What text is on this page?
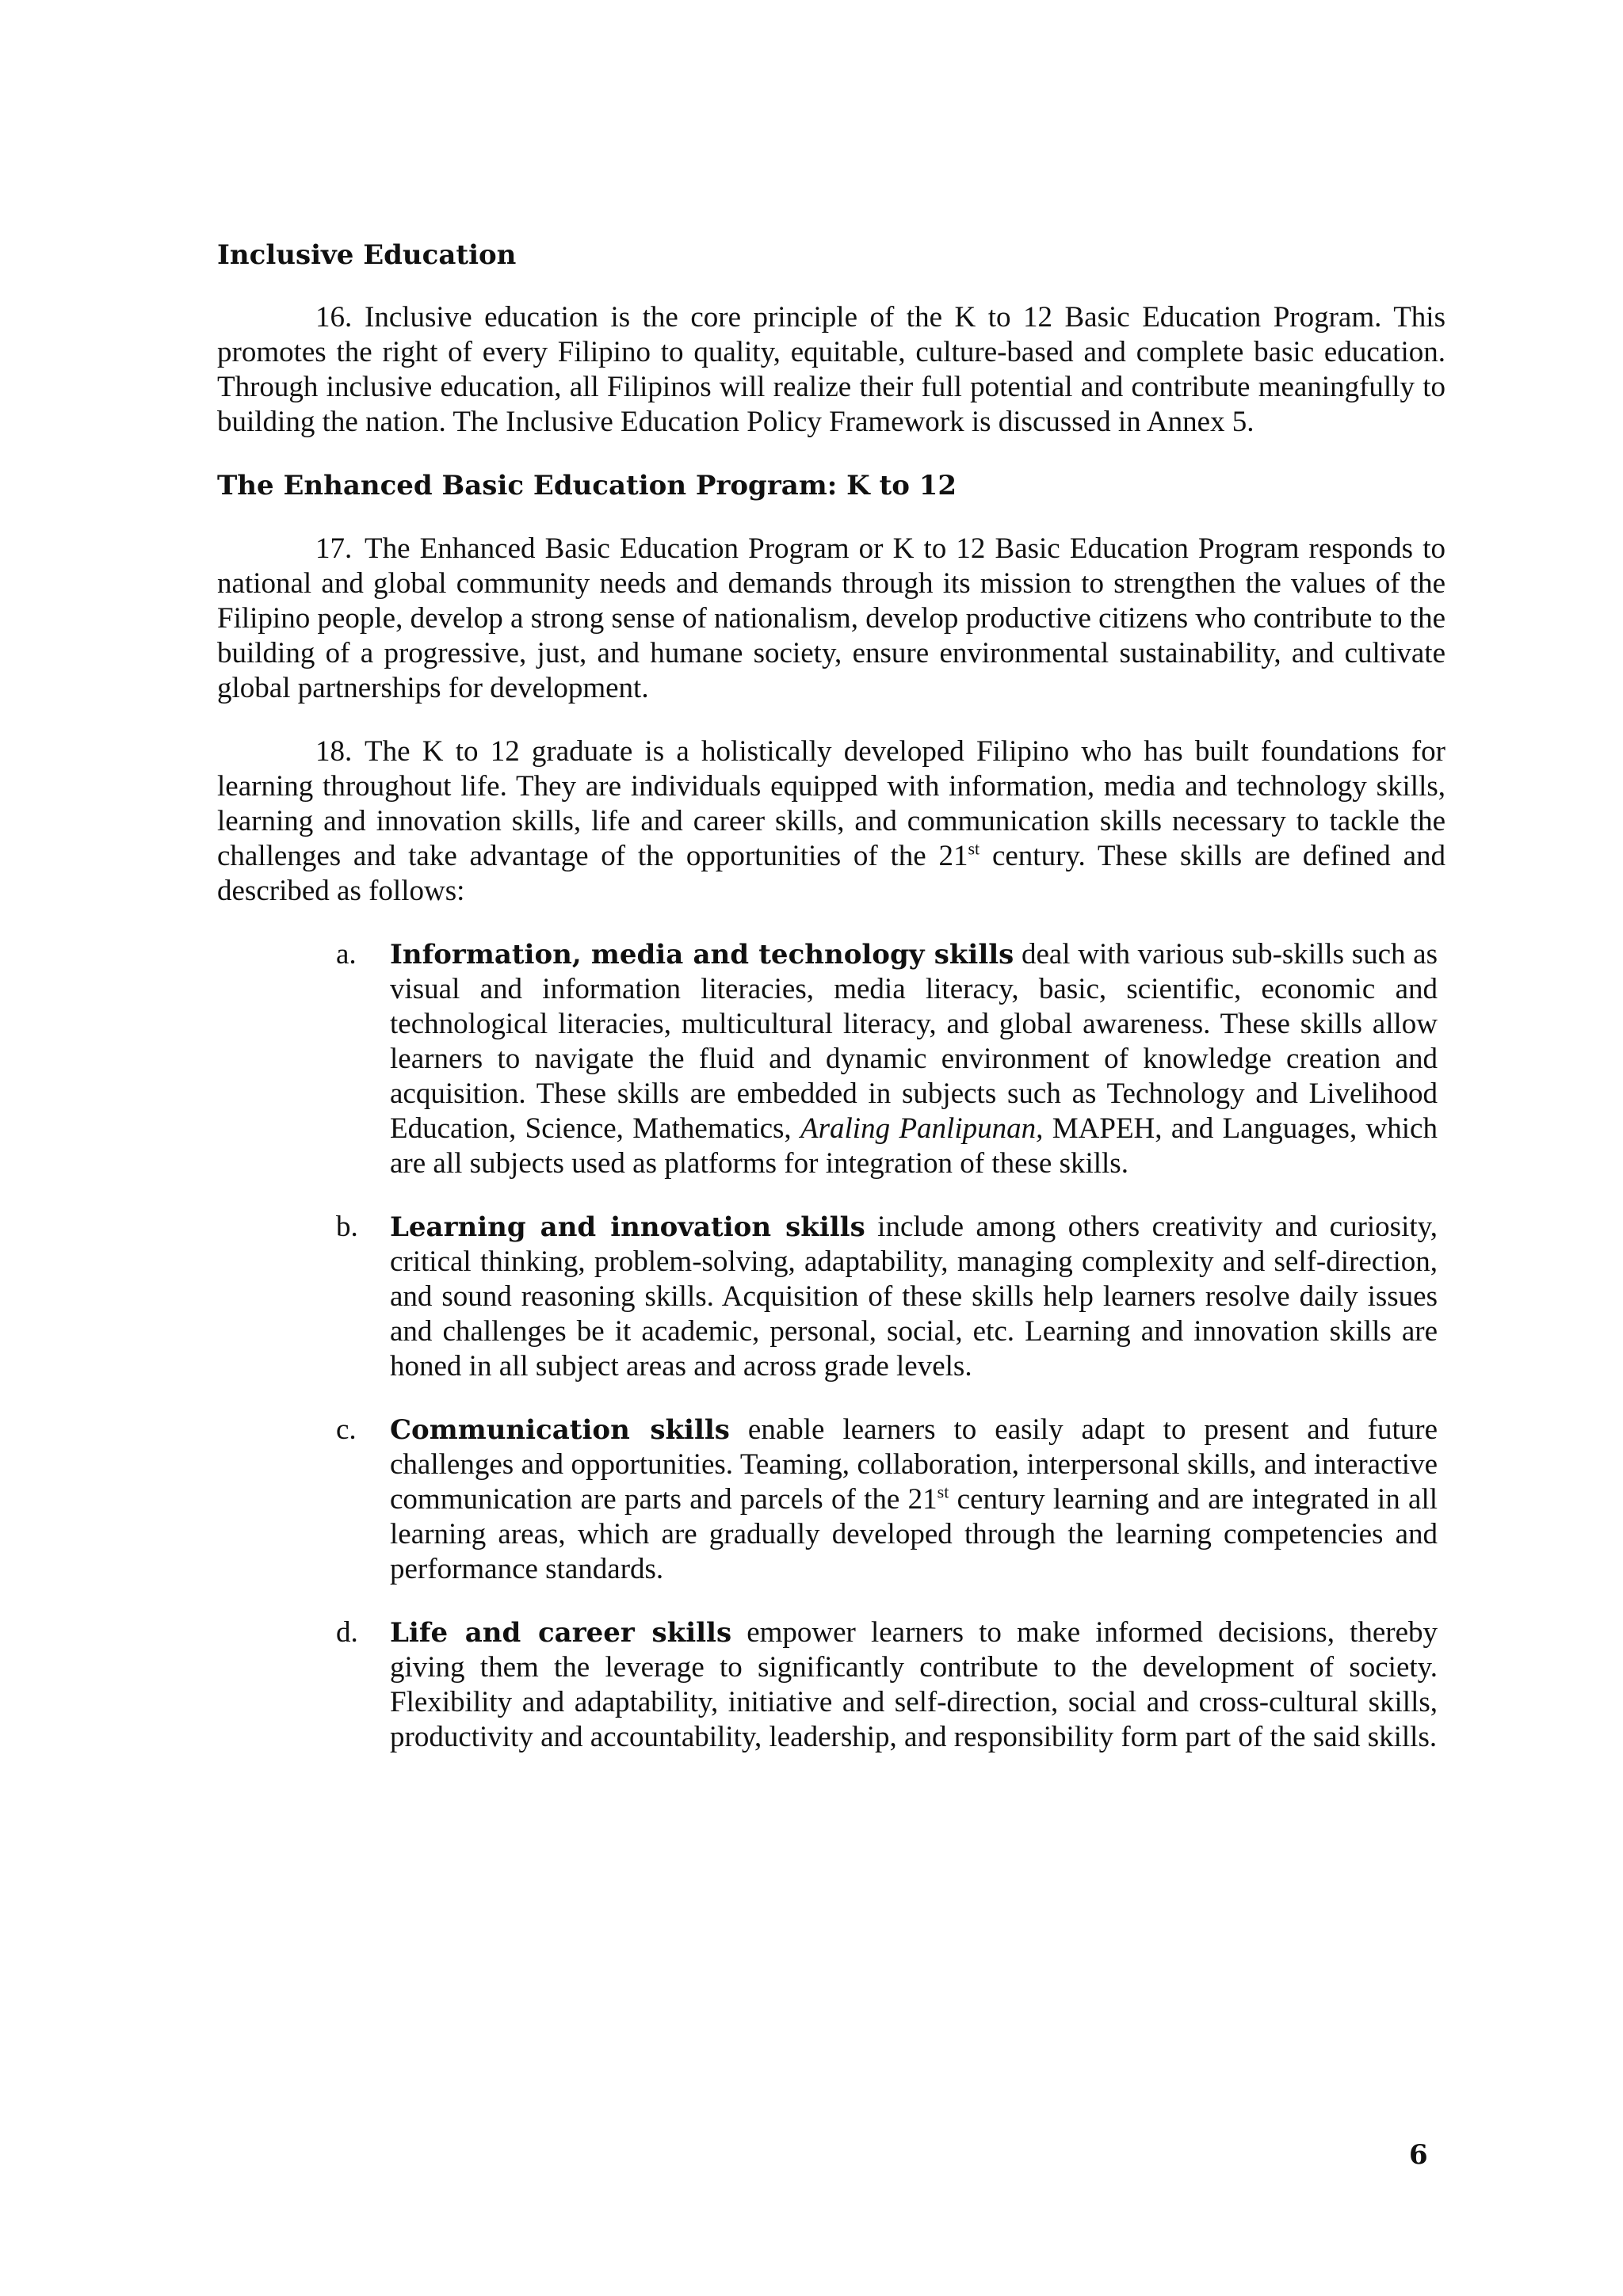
Inclusive Education

16. Inclusive education is the core principle of the K to 12 Basic Education Program. This promotes the right of every Filipino to quality, equitable, culture-based and complete basic education. Through inclusive education, all Filipinos will realize their full potential and contribute meaningfully to building the nation. The Inclusive Education Policy Framework is discussed in Annex 5.

The Enhanced Basic Education Program: K to 12

17. The Enhanced Basic Education Program or K to 12 Basic Education Program responds to national and global community needs and demands through its mission to strengthen the values of the Filipino people, develop a strong sense of nationalism, develop productive citizens who contribute to the building of a progressive, just, and humane society, ensure environmental sustainability, and cultivate global partnerships for development.

18. The K to 12 graduate is a holistically developed Filipino who has built foundations for learning throughout life. They are individuals equipped with information, media and technology skills, learning and innovation skills, life and career skills, and communication skills necessary to tackle the challenges and take advantage of the opportunities of the 21st century. These skills are defined and described as follows:

a.	Information, media and technology skills deal with various sub-skills such as visual and information literacies, media literacy, basic, scientific, economic and technological literacies, multicultural literacy, and global awareness. These skills allow learners to navigate the fluid and dynamic environment of knowledge creation and acquisition. These skills are embedded in subjects such as Technology and Livelihood Education, Science, Mathematics, Araling Panlipunan, MAPEH, and Languages, which are all subjects used as platforms for integration of these skills.
b.	Learning and innovation skills include among others creativity and curiosity, critical thinking, problem-solving, adaptability, managing complexity and self-direction, and sound reasoning skills. Acquisition of these skills help learners resolve daily issues and challenges be it academic, personal, social, etc. Learning and innovation skills are honed in all subject areas and across grade levels.
c.	Communication skills enable learners to easily adapt to present and future challenges and opportunities. Teaming, collaboration, interpersonal skills, and interactive communication are parts and parcels of the 21st century learning and are integrated in all learning areas, which are gradually developed through the learning competencies and performance standards.
d.	Life and career skills empower learners to make informed decisions, thereby giving them the leverage to significantly contribute to the development of society. Flexibility and adaptability, initiative and self-direction, social and cross-cultural skills, productivity and accountability, leadership, and responsibility form part of the said skills.
6
